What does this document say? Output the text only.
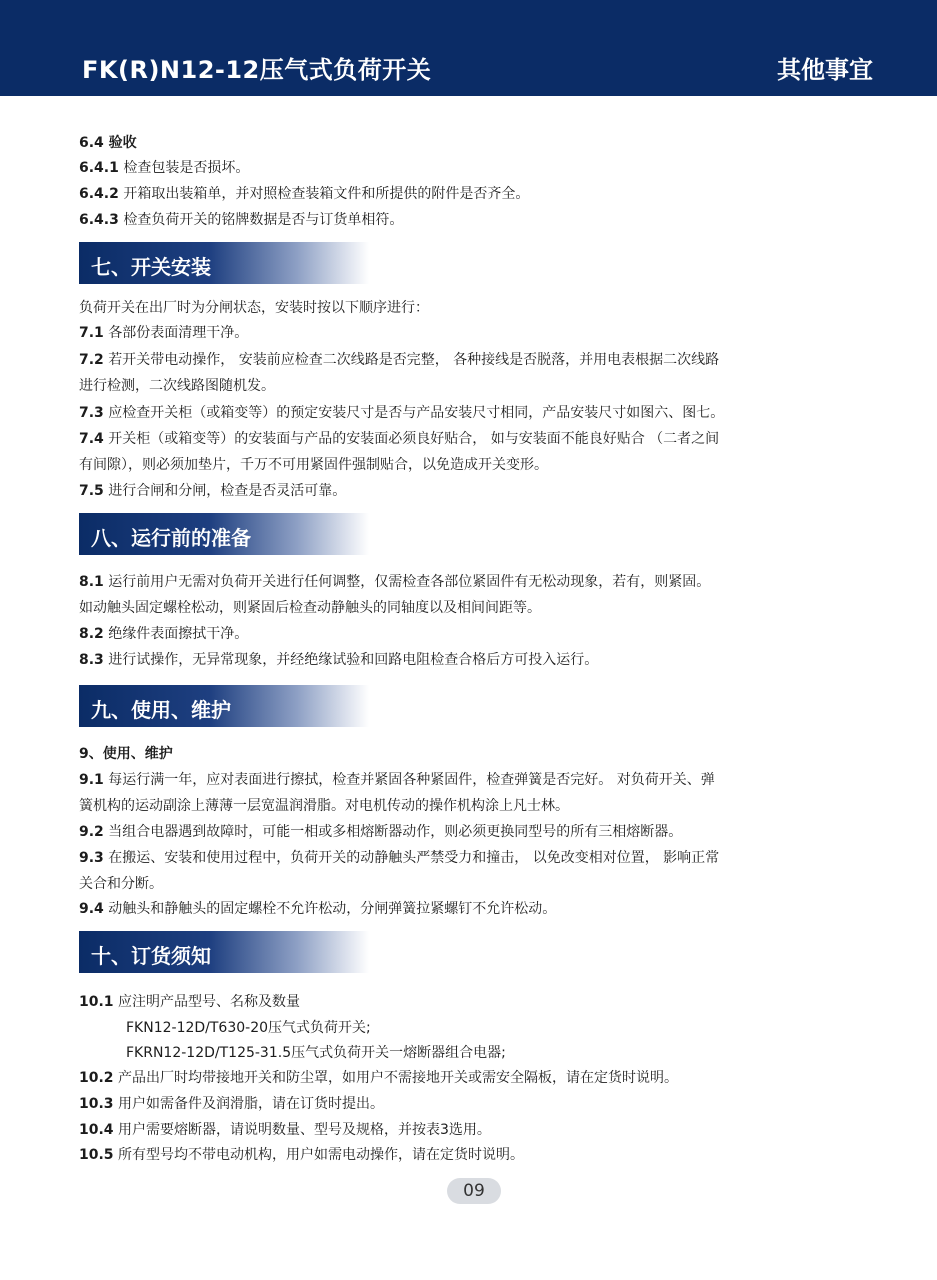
FK(R)N12-12压气式负荷开关	其他事宜
6.4 验收
6.4.1 检查包装是否损坏。
6.4.2 开箱取出装箱单，并对照检查装箱文件和所提供的附件是否齐全。
6.4.3 检查负荷开关的铭牌数据是否与订货单相符。
七、开关安装
负荷开关在出厂时为分闸状态，安装时按以下顺序进行：
7.1 各部份表面清理干净。
7.2 若开关带电动操作， 安装前应检查二次线路是否完整， 各种接线是否脱落，并用电表根据二次线路
进行检测，二次线路图随机发。
7.3 应检查开关柜（或箱变等）的预定安装尺寸是否与产品安装尺寸相同，产品安装尺寸如图六、图七。
7.4 开关柜（或箱变等）的安装面与产品的安装面必须良好贴合， 如与安装面不能良好贴合 （二者之间
有间隙），则必须加垫片，千万不可用紧固件强制贴合，以免造成开关变形。
7.5 进行合闸和分闸，检查是否灵活可靠。
八、运行前的准备
8.1 运行前用户无需对负荷开关进行任何调整，仅需检查各部位紧固件有无松动现象，若有，则紧固。
如动触头固定螺栓松动，则紧固后检查动静触头的同轴度以及相间间距等。
8.2 绝缘件表面擦拭干净。
8.3 进行试操作，无异常现象，并经绝缘试验和回路电阻检查合格后方可投入运行。
九、使用、维护
9、使用、维护
9.1 每运行满一年，应对表面进行擦拭，检查并紧固各种紧固件，检查弹簧是否完好。 对负荷开关、弹
簧机构的运动副涂上薄薄一层宽温润滑脂。对电机传动的操作机构涂上凡士林。
9.2 当组合电器遇到故障时，可能一相或多相熔断器动作，则必须更换同型号的所有三相熔断器。
9.3 在搬运、安装和使用过程中，负荷开关的动静触头严禁受力和撞击， 以免改变相对位置， 影响正常
关合和分断。
9.4 动触头和静触头的固定螺栓不允许松动，分闸弹簧拉紧螺钉不允许松动。
十、订货须知
10.1 应注明产品型号、名称及数量
FKN12-12D/T630-20压气式负荷开关;
FKRN12-12D/T125-31.5压气式负荷开关一熔断器组合电器;
10.2 产品出厂时均带接地开关和防尘罩，如用户不需接地开关或需安全隔板，请在定货时说明。
10.3 用户如需备件及润滑脂，请在订货时提出。
10.4 用户需要熔断器，请说明数量、型号及规格，并按表3选用。
10.5 所有型号均不带电动机构，用户如需电动操作，请在定货时说明。
09
